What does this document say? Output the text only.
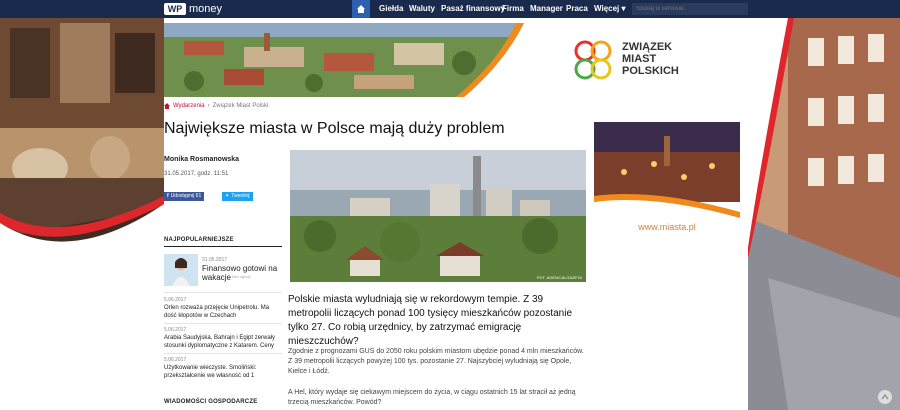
WP money	Giełda Waluty Pasaż finansowy
Firma Manager Praca Więcej ▾
Szukaj w serwisie..
ZWIĄZEK
MIAST
POLSKICH
Wydarzenia › Związek Miast Polski
Największe miasta w Polsce mają duży problem
Monika Rosmanowska
31.05.2017, godz. 11:51
f Udostępnij 61	✦ Tweetnij
NAJPOPULARNIEJSZE
31.05.2017
Finansowo gotowi na wakacje Bez zgody
5.06.2017
Orlen rozważa przejęcie Unipetrolu. Ma dość kłopotów w Czechach
5.06.2017
Arabia Saudyjska, Bahrajn i Egipt zerwały stosunki dyplomatyczne z Katarem. Ceny
5.06.2017
Użytkowanie wieczyste. Smoliński: przekształcenie we własność od 1
WIADOMOŚCI GOSPODARCZE
FOT. AGENCJA GAZETA

Polskie miasta wyludniają się w rekordowym tempie. Z 39 metropolii liczących ponad 100 tysięcy mieszkańców pozostanie tylko 27. Co robią urzędnicy, by zatrzymać emigrację mieszczuchów?

Zgodnie z prognozami GUS do 2050 roku polskim miastom ubędzie ponad 4 mln mieszkańców. Z 39 metropolii liczących powyżej 100 tys. pozostanie 27. Najszybciej wyludniają się Opole, Kielce i Łódź.

A Hel, który wydaje się ciekawym miejscem do życia, w ciągu ostatnich 15 lat stracił aż jedną trzecią mieszkańców. Powód?

www.miasta.pl
